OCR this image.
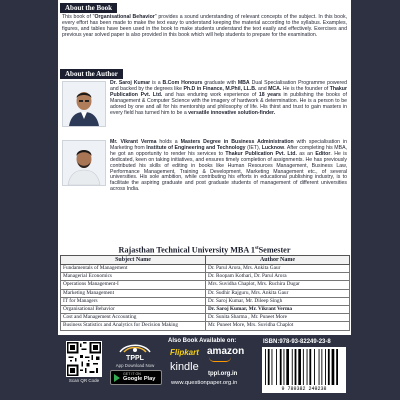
About the Book

This book of "Organisational Behavior" provides a sound understanding of relevant concepts of the subject. In this book, every effort has been made to make the text easy to understand keeping the material according to the syllabus. Examples, figures, and tables have been used in the book to make students understand the text easily and effectively. Exercises and previous year solved paper is also provided in this book which will help students to prepare for the examination.

About the Author

Dr. Saroj Kumar is a B.Com Honours graduate with MBA Dual Specialisation Programme powered and backed by the degrees like Ph.D in Finance, M.Phil, LL.B. and MCA. He is the founder of Thakur Publication Pvt. Ltd. and has enduring work experience of 18 years in publishing the books of Management & Computer Science with the imagery of hardwork & determination. He is a person to be adored by one and all for his mentorship and philosophy of life. His thirst and trust to gain masters in every field has turned him to be a versatile innovative solution-finder.

Mr. Vikrant Verma holds a Masters Degree in Business Administration with specialisation in Marketing from Institute of Engineering and Technology (IET), Lucknow. After completing his MBA, he got an opportunity to render his services to Thakur Publication Pvt. Ltd. as an Editor. He is dedicated, keen on taking initiatives, and ensures timely completion of assignments. He has previously contributed his skills of editing in books like Human Resources Management, Business Law, Performance Management, Training & Development, Marketing Management etc., of several universities. His sole ambition, while contributing his efforts in educational publishing industry, is to facilitate the aspiring graduate and post graduate students of management of different universities across India.

Rajasthan Technical University MBA 1stSemester
Subject Name	Author Name
Fundamentals of Management	Dr. Parul Arora, Mrs. Ankita Gaur
Managerial Economics	Dr. Roopam Kothari, Dr. Parul Arora
Operations Management-I	Mrs. Suvidha Chaplot, Mrs. Ruchira Dugar
Marketing Management	Dr. Sudhir Rajguru, Mrs. Ankita Gaur
IT for Managers	Dr. Saroj Kumar, Mr. Dileep Singh
Organisational Behavior	Dr. Saroj Kumar, Mr. Vikrant Verma
Cost and Management Accounting	Dr. Sunita Sharma , Mr. Puneet More
Business Statistics and Analytics for Decision Making	Mr. Puneet More, Mrs. Suvidha Chaplot
Scan QR Code
TPPL
App Download Now
GET IT ON
Google Play
Also Book Available on:
Flipkart amazon
kindle
tppl.org.in
www.questionpaper.org.in
ISBN:978-93-82249-23-8
9 789382 249238
